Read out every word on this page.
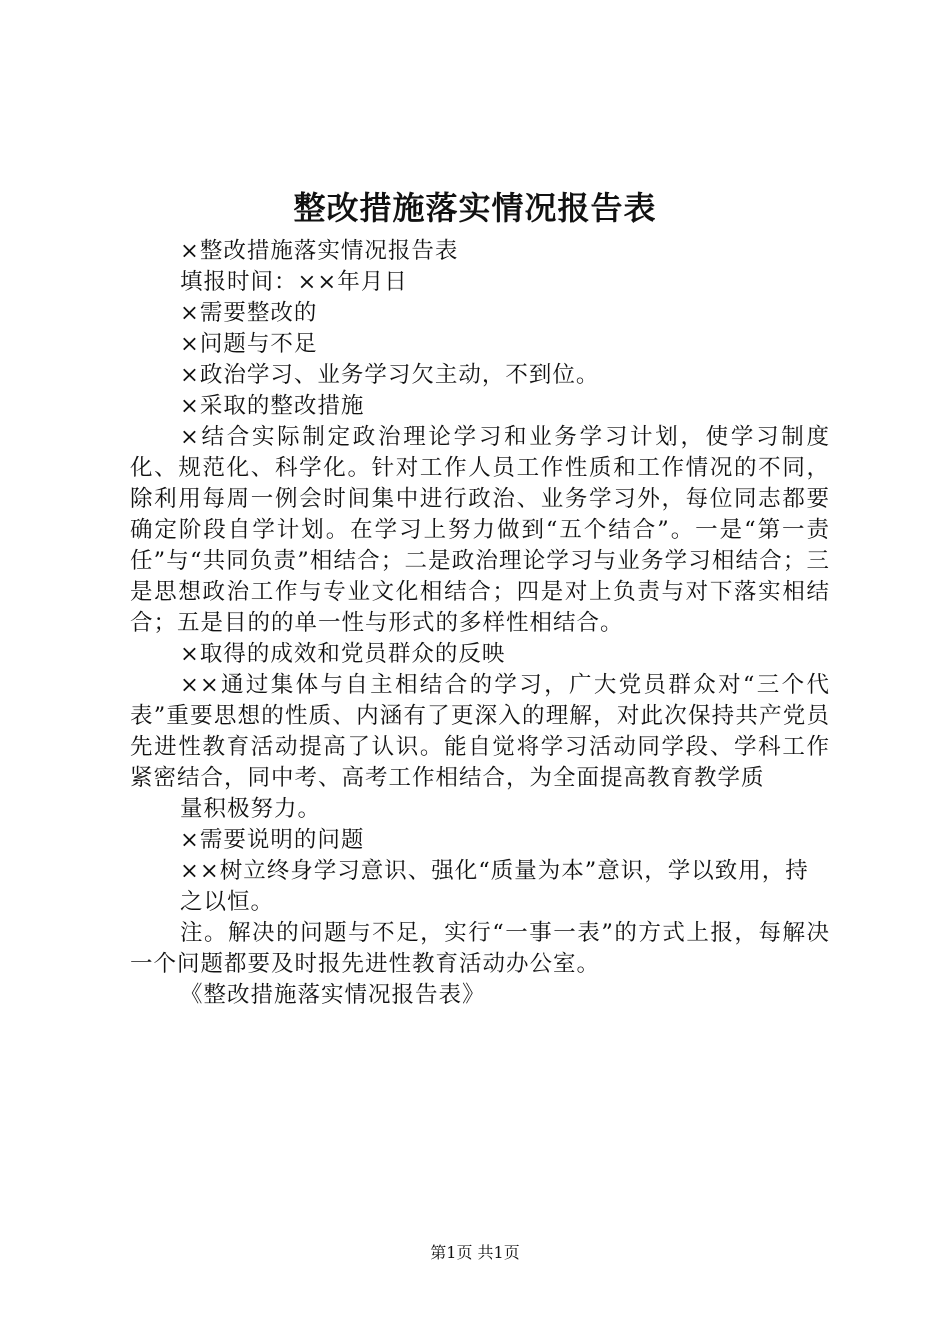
整改措施落实情况报告表

×整改措施落实情况报告表

填报时间：××年月日

×需要整改的

×问题与不足

×政治学习、业务学习欠主动，不到位。

×采取的整改措施

×结合实际制定政治理论学习和业务学习计划，使学习制度化、规范化、科学化。针对工作人员工作性质和工作情况的不同，除利用每周一例会时间集中进行政治、业务学习外，每位同志都要确定阶段自学计划。在学习上努力做到“五个结合”。一是“第一责任”与“共同负责”相结合；二是政治理论学习与业务学习相结合；三是思想政治工作与专业文化相结合；四是对上负责与对下落实相结合；五是目的的单一性与形式的多样性相结合。

×取得的成效和党员群众的反映

××通过集体与自主相结合的学习，广大党员群众对“三个代表”重要思想的性质、内涵有了更深入的理解，对此次保持共产党员先进性教育活动提高了认识。能自觉将学习活动同学段、学科工作紧密结合，同中考、高考工作相结合，为全面提高教育教学质

量积极努力。

×需要说明的问题

××树立终身学习意识、强化“质量为本”意识，学以致用，持

之以恒。

注。解决的问题与不足，实行“一事一表”的方式上报，每解决一个问题都要及时报先进性教育活动办公室。

《整改措施落实情况报告表》

第1页 共1页
